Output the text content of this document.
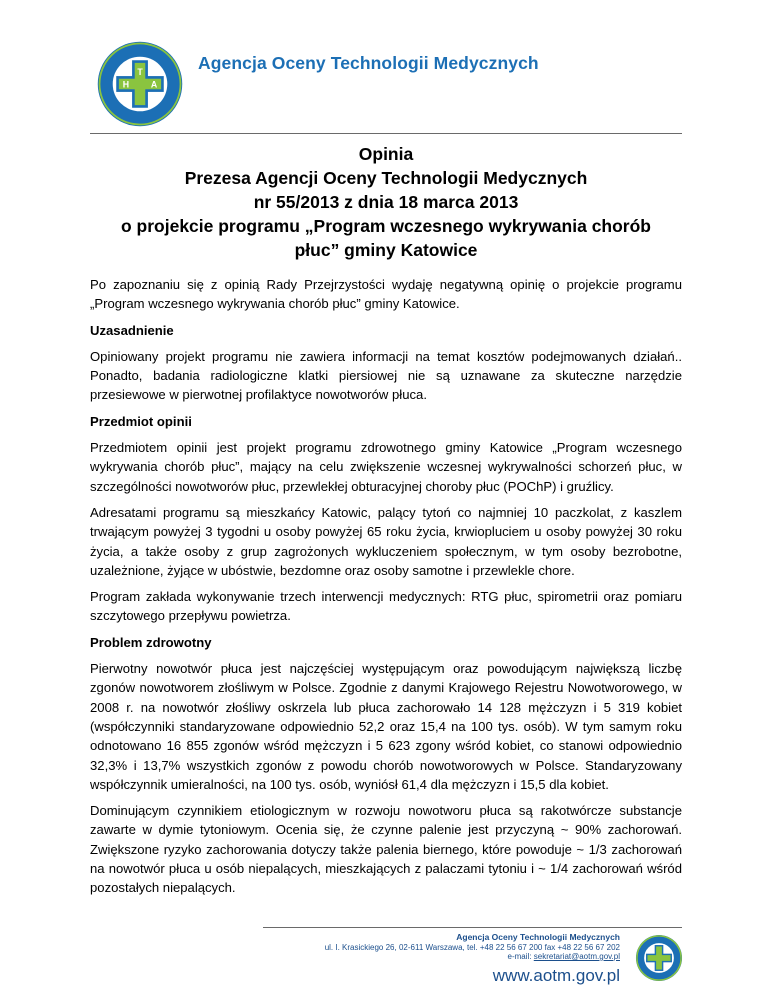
T
H A
Agencja Oceny Technologii Medycznych
Opinia
Prezesa Agencji Oceny Technologii Medycznych
nr 55/2013 z dnia 18 marca 2013
o projekcie programu „Program wczesnego wykrywania chorób
płuc” gminy Katowice

Po zapoznaniu się z opinią Rady Przejrzystości wydaję negatywną opinię o projekcie programu „Program wczesnego wykrywania chorób płuc” gminy Katowice.

Uzasadnienie

Opiniowany projekt programu nie zawiera informacji na temat kosztów podejmowanych działań.. Ponadto, badania radiologiczne klatki piersiowej nie są uznawane za skuteczne narzędzie przesiewowe w pierwotnej profilaktyce nowotworów płuca.

Przedmiot opinii

Przedmiotem opinii jest projekt programu zdrowotnego gminy Katowice „Program wczesnego wykrywania chorób płuc”, mający na celu zwiększenie wczesnej wykrywalności schorzeń płuc, w szczególności nowotworów płuc, przewlekłej obturacyjnej choroby płuc (POChP) i gruźlicy.

Adresatami programu są mieszkańcy Katowic, palący tytoń co najmniej 10 paczkolat, z kaszlem trwającym powyżej 3 tygodni u osoby powyżej 65 roku życia, krwiopluciem u osoby powyżej 30 roku życia, a także osoby z grup zagrożonych wykluczeniem społecznym, w tym osoby bezrobotne, uzależnione, żyjące w ubóstwie, bezdomne oraz osoby samotne i przewlekle chore.

Program zakłada wykonywanie trzech interwencji medycznych: RTG płuc, spirometrii oraz pomiaru szczytowego przepływu powietrza.

Problem zdrowotny

Pierwotny nowotwór płuca jest najczęściej występującym oraz powodującym największą liczbę zgonów nowotworem złośliwym w Polsce. Zgodnie z danymi Krajowego Rejestru Nowotworowego, w 2008 r. na nowotwór złośliwy oskrzela lub płuca zachorowało 14 128 mężczyzn i 5 319 kobiet (współczynniki standaryzowane odpowiednio 52,2 oraz 15,4 na 100 tys. osób). W tym samym roku odnotowano 16 855 zgonów wśród mężczyzn i 5 623 zgony wśród kobiet, co stanowi odpowiednio 32,3% i 13,7% wszystkich zgonów z powodu chorób nowotworowych w Polsce. Standaryzowany współczynnik umieralności, na 100 tys. osób, wyniósł 61,4 dla mężczyzn i 15,5 dla kobiet.

Dominującym czynnikiem etiologicznym w rozwoju nowotworu płuca są rakotwórcze substancje zawarte w dymie tytoniowym. Ocenia się, że czynne palenie jest przyczyną ~ 90% zachorowań. Zwiększone ryzyko zachorowania dotyczy także palenia biernego, które powoduje ~ 1/3 zachorowań na nowotwór płuca u osób niepalących, mieszkających z palaczami tytoniu i ~ 1/4 zachorowań wśród pozostałych niepalących.

Agencja Oceny Technologii Medycznych
ul. I. Krasickiego 26, 02-611 Warszawa, tel. +48 22 56 67 200 fax +48 22 56 67 202
e-mail: sekretariat@aotm.gov.pl
www.aotm.gov.pl
